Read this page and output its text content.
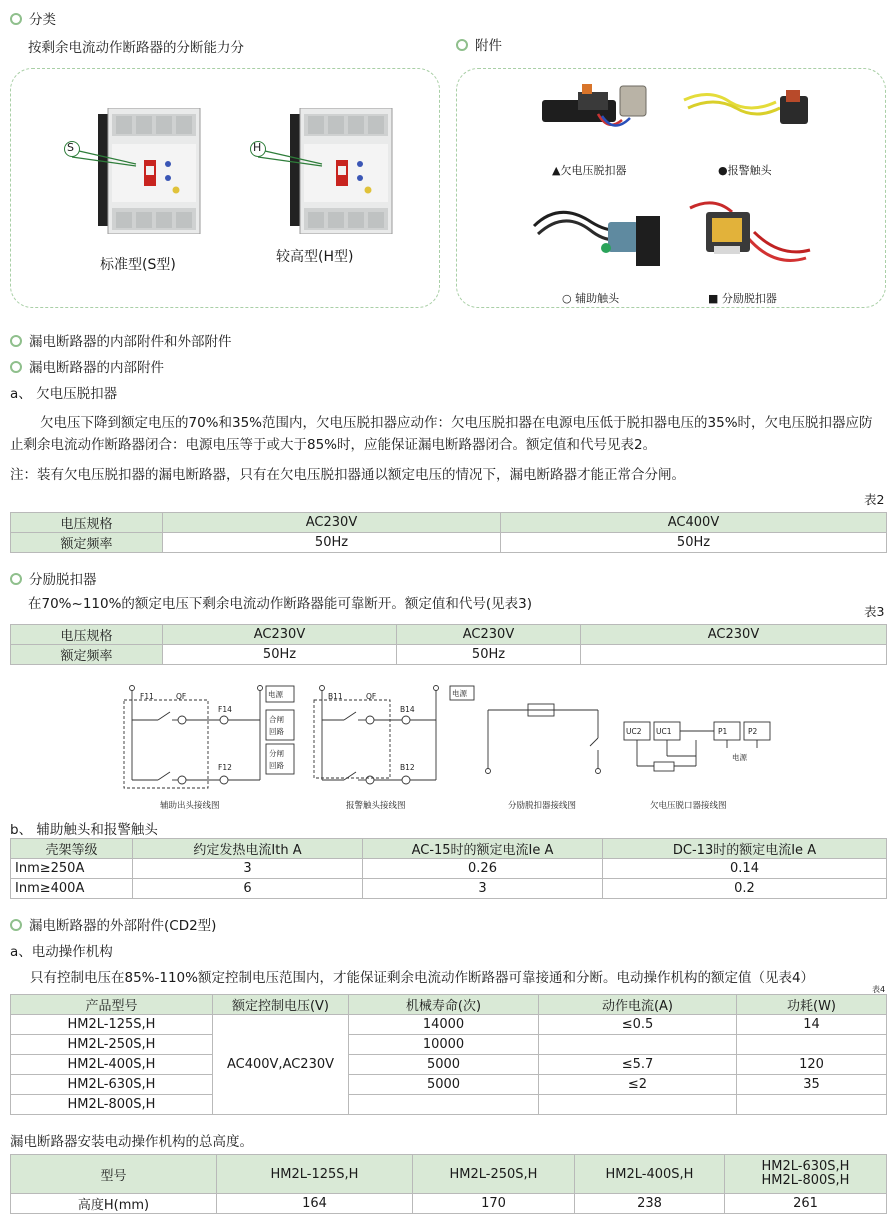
分类
按剩余电流动作断路器的分断能力分
S
标准型(S型)
H
较高型(H型)
附件
▲欠电压脱扣器	●报警触头
○ 辅助触头	■ 分励脱扣器
漏电断路器的内部附件和外部附件
漏电断路器的内部附件
a、 欠电压脱扣器
欠电压下降到额定电压的70%和35%范围内，欠电压脱扣器应动作：欠电压脱扣器在电源电压低于脱扣器电压的35%时，欠电压脱扣器应防止剩余电流动作断路器闭合：电源电压等于或大于85%时，应能保证漏电断路器闭合。额定值和代号见表2。
注：装有欠电压脱扣器的漏电断路器，只有在欠电压脱扣器通以额定电压的情况下，漏电断路器才能正常合分闸。
表2
电压规格	AC230V	AC400V
额定频率	50Hz	50Hz
分励脱扣器
在70%~110%的额定电压下剩余电流动作断路器能可靠断开。额定值和代号(见表3)	表3
电压规格	AC230V	AC230V	AC230V
额定频率	50Hz	50Hz	
F11	QF
F14
F12
电源
合闸
回路
分闸
回路
B11	QF
B14
B12
电源
UC2 UC1	P1	P2
电源
辅助出头接线图	报警触头接线图	分励脱扣器接线图	欠电压脱口器接线图
b、 辅助触头和报警触头
壳架等级	约定发热电流Ith A	AC-15时的额定电流Ie A	DC-13时的额定电流Ie A
Inm≥250A	3	0.26	0.14
Inm≥400A	6	3	0.2
漏电断路器的外部附件(CD2型)
a、电动操作机构
只有控制电压在85%-110%额定控制电压范围内，才能保证剩余电流动作断路器可靠接通和分断。电动操作机构的额定值（见表4）
表4
产品型号	额定控制电压(V)	机械寿命(次)	动作电流(A)	功耗(W)
HM2L-125S,H	AC400V,AC230V	14000	≤0.5	14
HM2L-250S,H		10000		
HM2L-400S,H		5000	≤5.7	120
HM2L-630S,H		5000	≤2	35
HM2L-800S,H				
漏电断路器安装电动操作机构的总高度。
型号	HM2L-125S,H	HM2L-250S,H	HM2L-400S,H	HM2L-630S,H
HM2L-800S,H

高度H(mm)	164	170	238	261
